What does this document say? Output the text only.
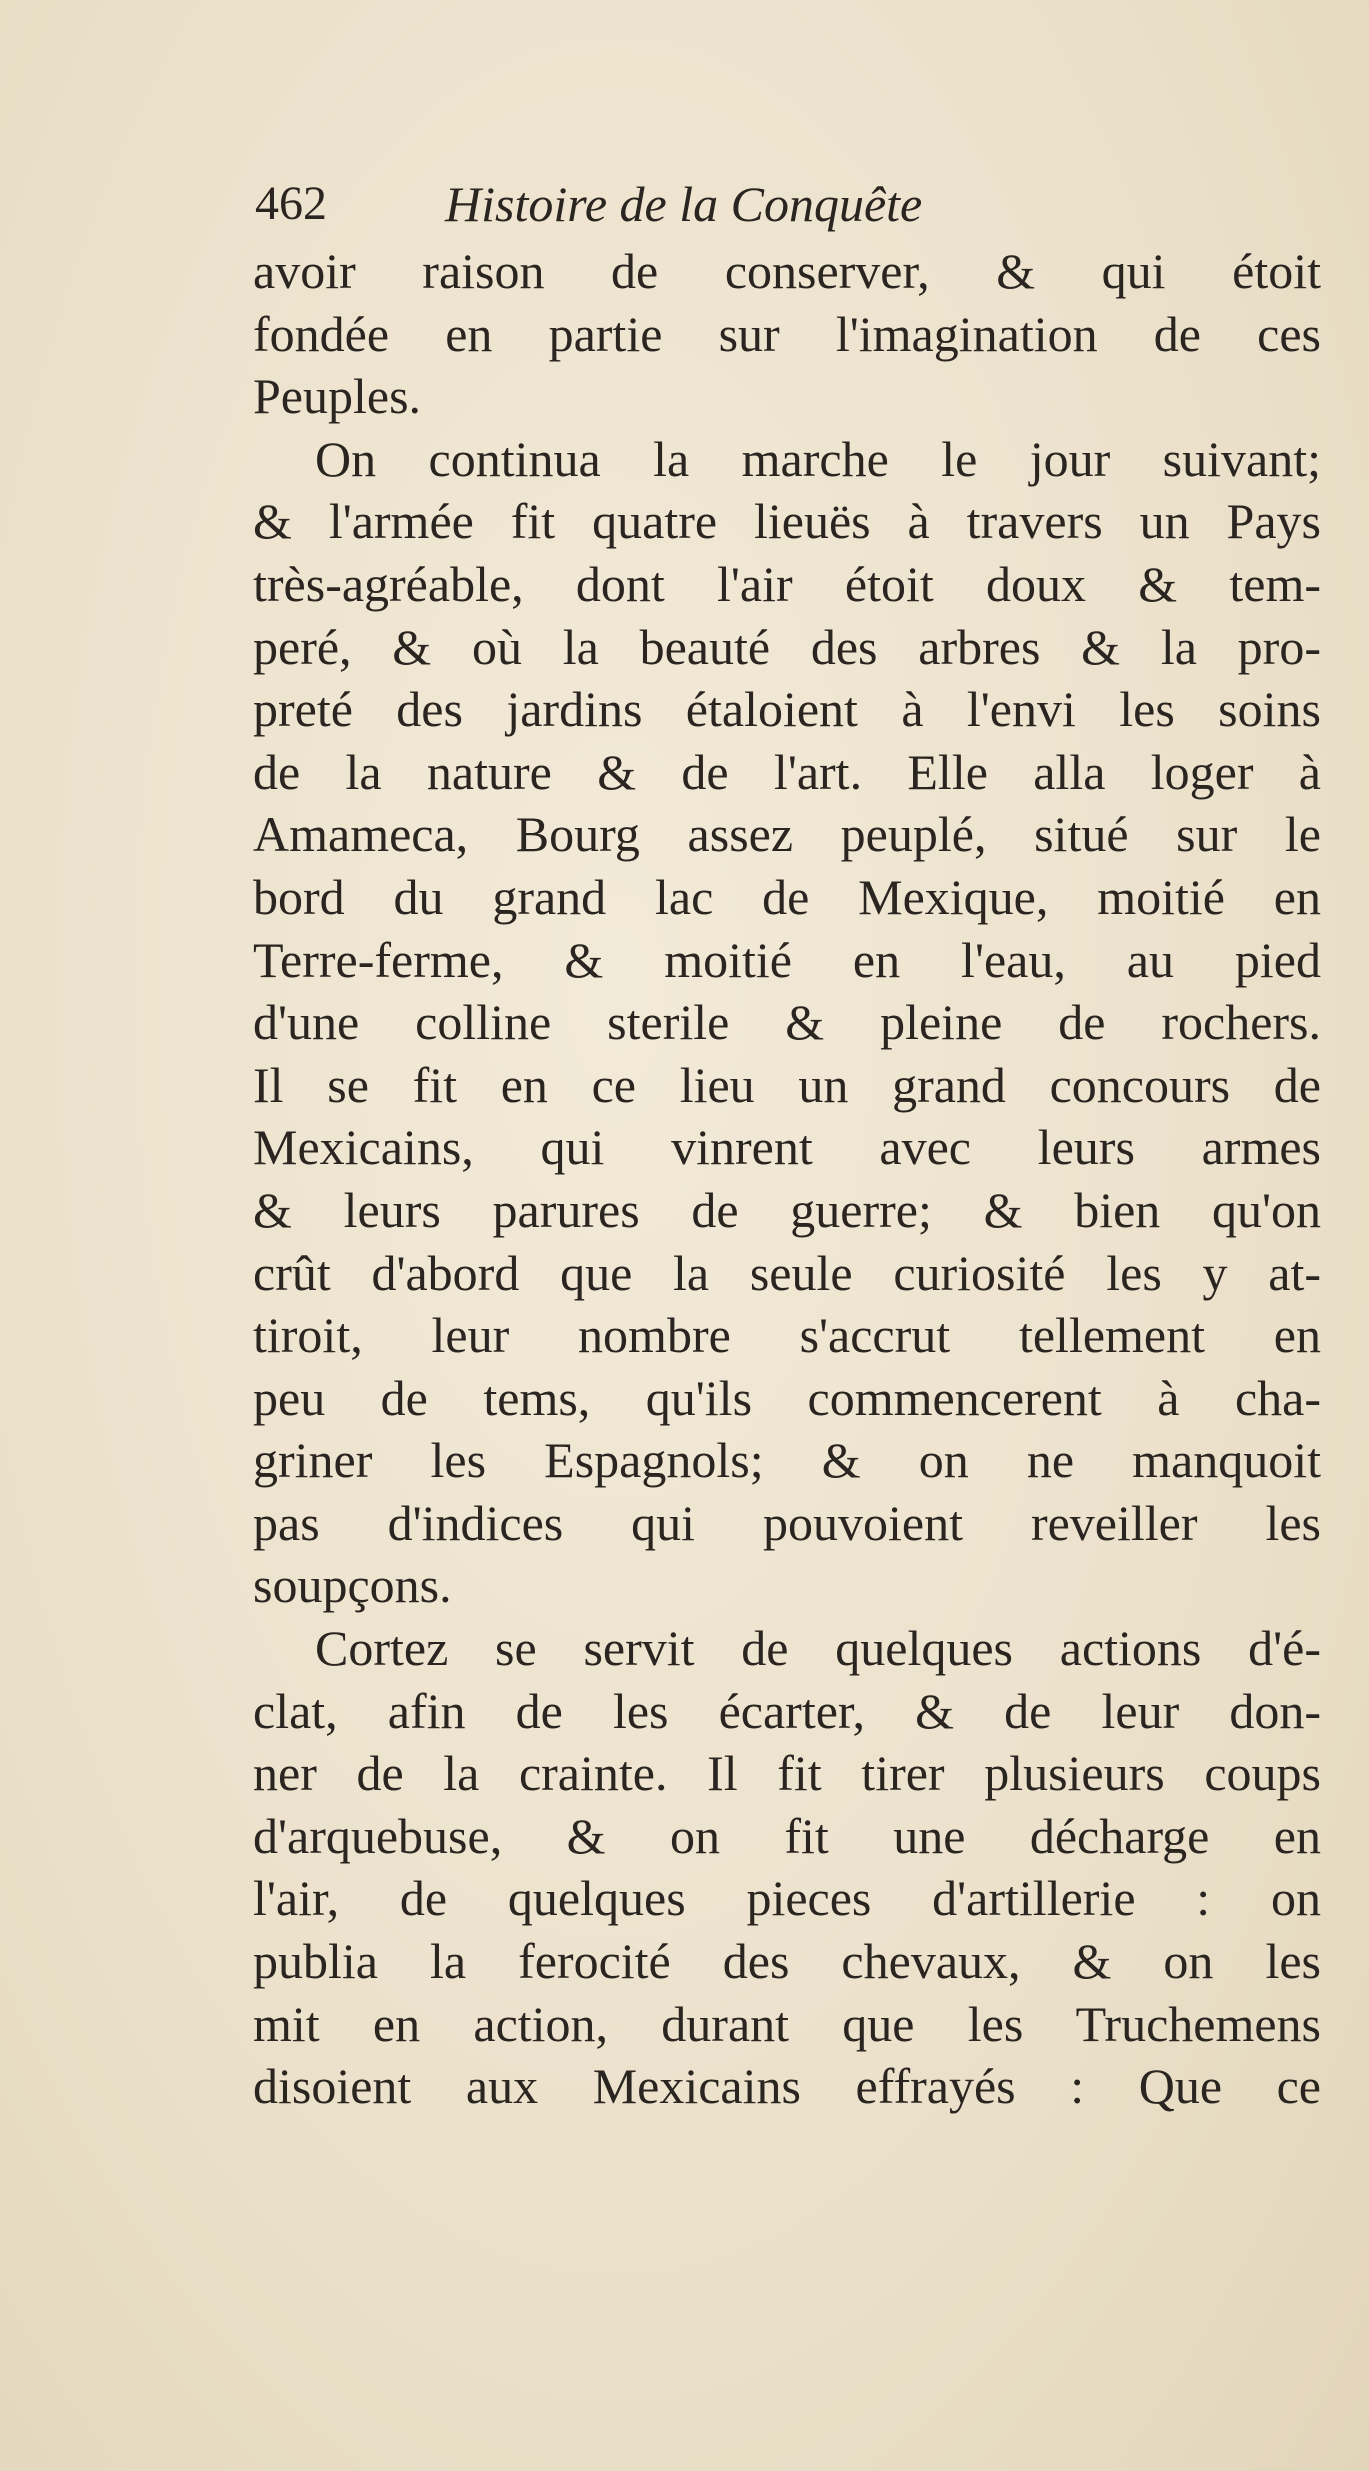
462 Histoire de la Conquête
avoir raison de conserver, & qui étoit
fondée en partie sur l'imagination de ces
Peuples.
On continua la marche le jour suivant;
& l'armée fit quatre lieuës à travers un Pays
très-agréable, dont l'air étoit doux & tem-
peré, & où la beauté des arbres & la pro-
preté des jardins étaloient à l'envi les soins
de la nature & de l'art. Elle alla loger à
Amameca, Bourg assez peuplé, situé sur le
bord du grand lac de Mexique, moitié en
Terre-ferme, & moitié en l'eau, au pied
d'une colline sterile & pleine de rochers.
Il se fit en ce lieu un grand concours de
Mexicains, qui vinrent avec leurs armes
& leurs parures de guerre; & bien qu'on
crût d'abord que la seule curiosité les y at-
tiroit, leur nombre s'accrut tellement en
peu de tems, qu'ils commencerent à cha-
griner les Espagnols; & on ne manquoit
pas d'indices qui pouvoient reveiller les
soupçons.
Cortez se servit de quelques actions d'é-
clat, afin de les écarter, & de leur don-
ner de la crainte. Il fit tirer plusieurs coups
d'arquebuse, & on fit une décharge en
l'air, de quelques pieces d'artillerie : on
publia la ferocité des chevaux, & on les
mit en action, durant que les Truchemens
disoient aux Mexicains effrayés : Que ce
